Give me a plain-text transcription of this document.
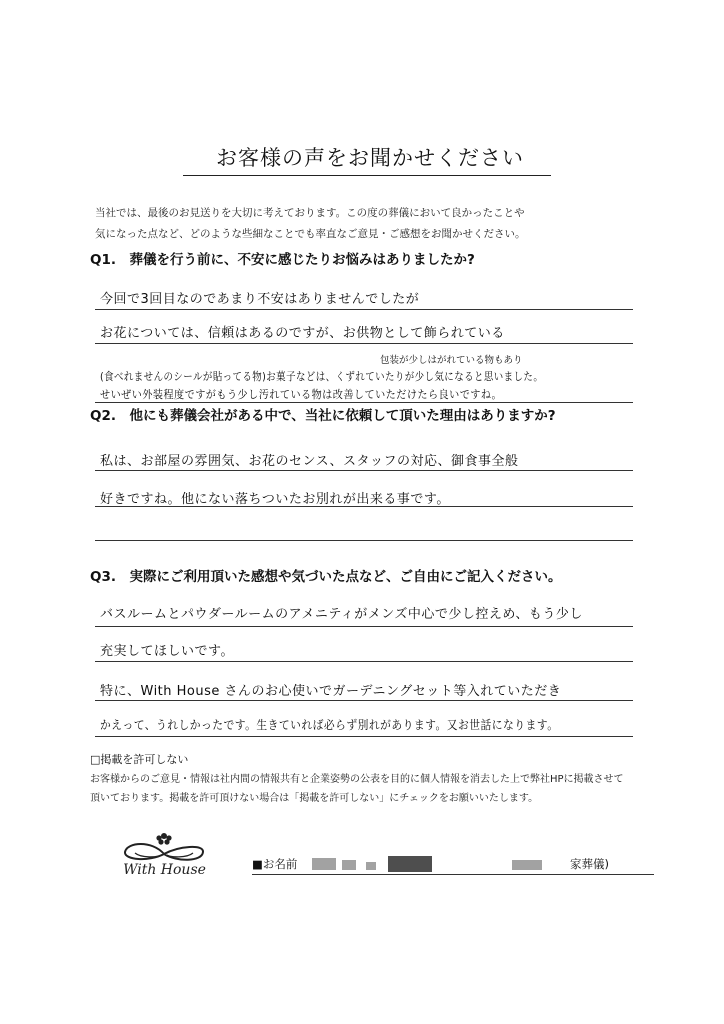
お客様の声をお聞かせください
当社では、最後のお見送りを大切に考えております。この度の葬儀において良かったことや
気になった点など、どのような些細なことでも率直なご意見・ご感想をお聞かせください。
Q1.　葬儀を行う前に、不安に感じたりお悩みはありましたか?
今回で3回目なのであまり不安はありませんでしたが
お花については、信頼はあるのですが、お供物として飾られている
包装が少しはがれている物もあり
(食べれませんのシールが貼ってる物)お菓子などは、くずれていたりが少し気になると思いました。
せいぜい外装程度ですがもう少し汚れている物は改善していただけたら良いですね。
Q2.　他にも葬儀会社がある中で、当社に依頼して頂いた理由はありますか?
私は、お部屋の雰囲気、お花のセンス、スタッフの対応、御食事全般
好きですね。他にない落ちついたお別れが出来る事です。
Q3.　実際にご利用頂いた感想や気づいた点など、ご自由にご記入ください。
バスルームとパウダールームのアメニティがメンズ中心で少し控えめ、もう少し
充実してほしいです。
特に、With House さんのお心使いでガーデニングセット等入れていただき
かえって、うれしかったです。生きていれば必らず別れがあります。又お世話になります。
□掲載を許可しない
お客様からのご意見・情報は社内間の情報共有と企業姿勢の公表を目的に個人情報を消去した上で弊社HPに掲載させて
頂いております。掲載を許可頂けない場合は「掲載を許可しない」にチェックをお願いいたします。
With House	■お名前	家葬儀)
